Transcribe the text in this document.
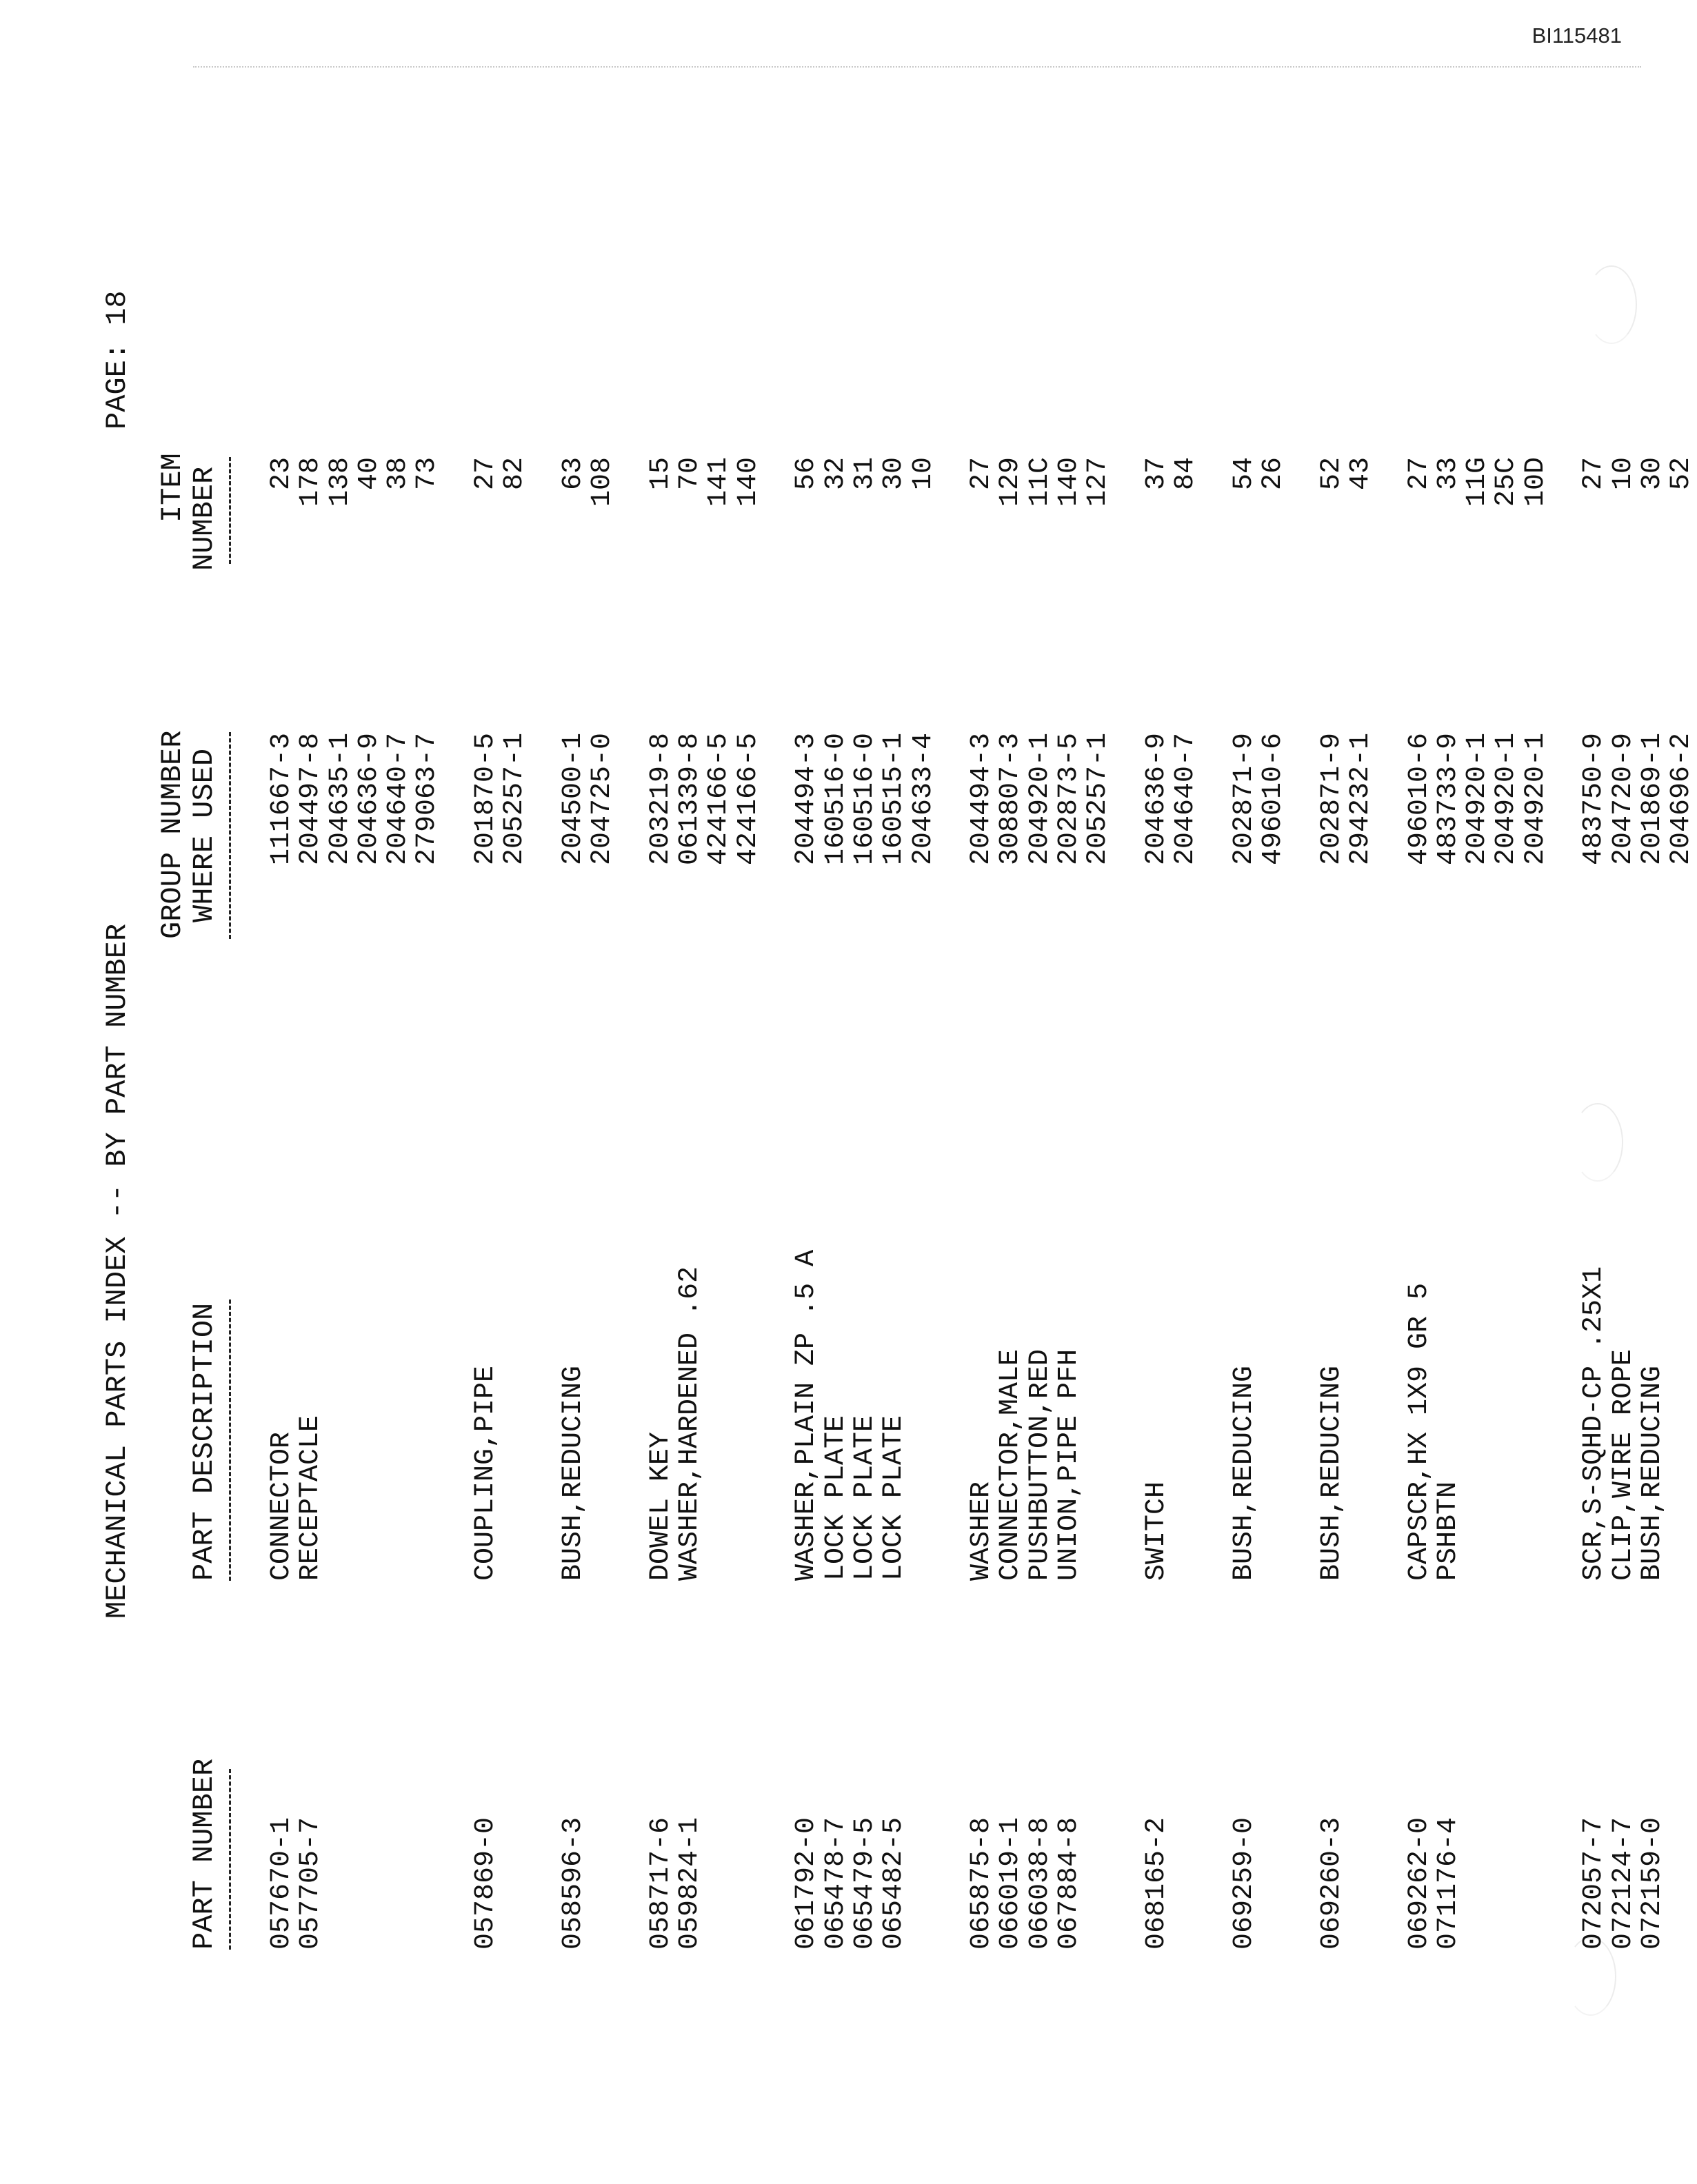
BI115481
MECHANICAL PARTS INDEX -- BY PART NUMBER
PAGE: 18
PART NUMBER
PART DESCRIPTION
GROUP NUMBER
WHERE USED
ITEM
NUMBER
057670-1
CONNECTOR
111667-3
23
057705-7
RECEPTACLE
204497-8
178
204635-1
138
204636-9
40
204640-7
38
279063-7
73
057869-0
COUPLING,PIPE
201870-5
27
205257-1
82
058596-3
BUSH,REDUCING
204500-1
63
204725-0
108
058717-6
DOWEL KEY
203219-8
15
059824-1
WASHER,HARDENED .62
061339-8
70
424166-5
141
424166-5
140
061792-0
WASHER,PLAIN ZP .5 A
204494-3
56
065478-7
LOCK PLATE
160516-0
32
065479-5
LOCK PLATE
160516-0
31
065482-5
LOCK PLATE
160515-1
30
204633-4
10
065875-8
WASHER
204494-3
27
066019-1
CONNECTOR,MALE
308807-3
129
066038-8
PUSHBUTTON,RED
204920-1
11C
067884-8
UNION,PIPE PFH
202873-5
140
205257-1
127
068165-2
SWITCH
204636-9
37
204640-7
84
069259-0
BUSH,REDUCING
202871-9
54
496010-6
26
069260-3
BUSH,REDUCING
202871-9
52
294232-1
43
069262-0
CAPSCR,HX 1X9 GR 5
496010-6
27
071176-4
PSHBTN
483733-9
33
204920-1
11G
204920-1
25C
204920-1
10D
072057-7
SCR,S-SQHD-CP .25X1
483750-9
27
072124-7
CLIP,WIRE ROPE
204720-9
10
072159-0
BUSH,REDUCING
201869-1
30
204696-2
52
